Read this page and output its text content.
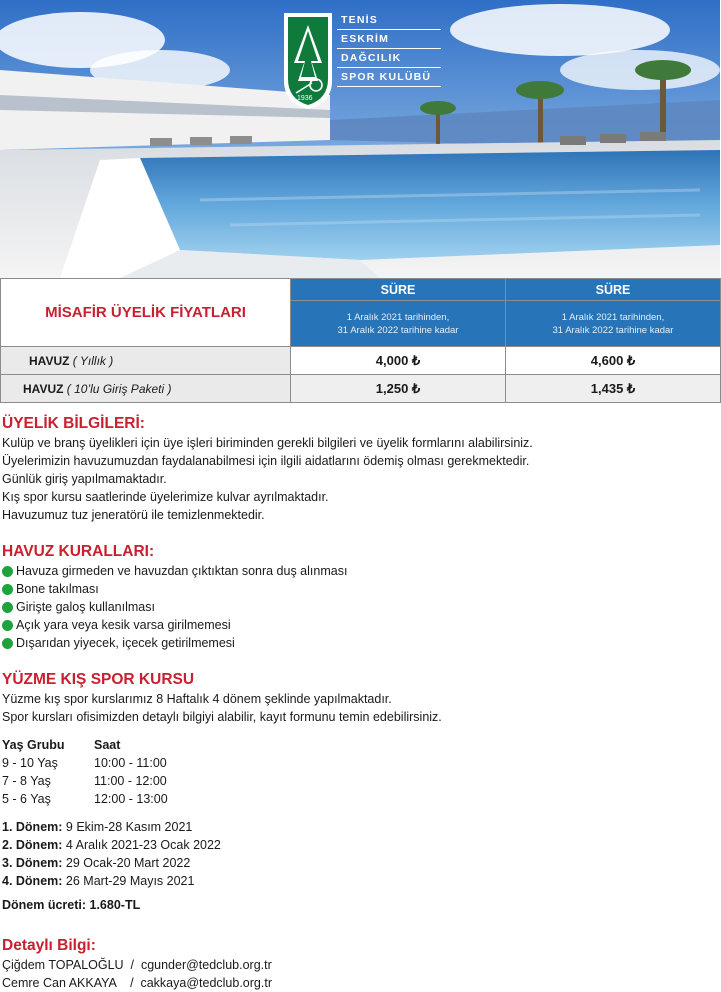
TENİS
ESKRİM
DAĞCILIK
SPOR KULÜBÜ
1936
MİSAFİR ÜYELİK FİYATLARI	SÜRE	SÜRE
	1 Aralık 2021 tarihinden,
31 Aralık 2022 tarihine kadar	1 Aralık 2021 tarihinden,
31 Aralık 2022 tarihine kadar
HAVUZ ( Yıllık )	4,000 ₺	4,600 ₺
HAVUZ ( 10’lu Giriş Paketi )	1,250 ₺	1,435 ₺
ÜYELİK BİLGİLERİ:
Kulüp ve branş üyelikleri için üye işleri biriminden gerekli bilgileri ve üyelik formlarını alabilirsiniz.
Üyelerimizin havuzumuzdan faydalanabilmesi için ilgili aidatlarını ödemiş olması gerekmektedir.
Günlük giriş yapılmamaktadır.
Kış spor kursu saatlerinde üyelerimize kulvar ayrılmaktadır.
Havuzumuz tuz jeneratörü ile temizlenmektedir.
HAVUZ KURALLARI:
Havuza girmeden ve havuzdan çıktıktan sonra duş alınması
Bone takılması
Girişte galoş kullanılması
Açık yara veya kesik varsa girilmemesi
Dışarıdan yiyecek, içecek getirilmemesi
YÜZME KIŞ SPOR KURSU
Yüzme kış spor kurslarımız 8 Haftalık 4 dönem şeklinde yapılmaktadır.
Spor kursları ofisimizden detaylı bilgiyi alabilir, kayıt formunu temin edebilirsiniz.
Yaş Grubu	Saat
9 - 10 Yaş	10:00 - 11:00
7 - 8 Yaş	11:00 - 12:00
5 - 6 Yaş	12:00 - 13:00
1. Dönem: 9 Ekim-28 Kasım 2021
2. Dönem: 4 Aralık 2021-23 Ocak 2022
3. Dönem: 29 Ocak-20 Mart 2022
4. Dönem: 26 Mart-29 Mayıs 2021
Dönem ücreti: 1.680-TL
Detaylı Bilgi:
Çiğdem TOPALOĞLU  /  cgunder@tedclub.org.tr
Cemre Can AKKAYA    /  cakkaya@tedclub.org.tr
